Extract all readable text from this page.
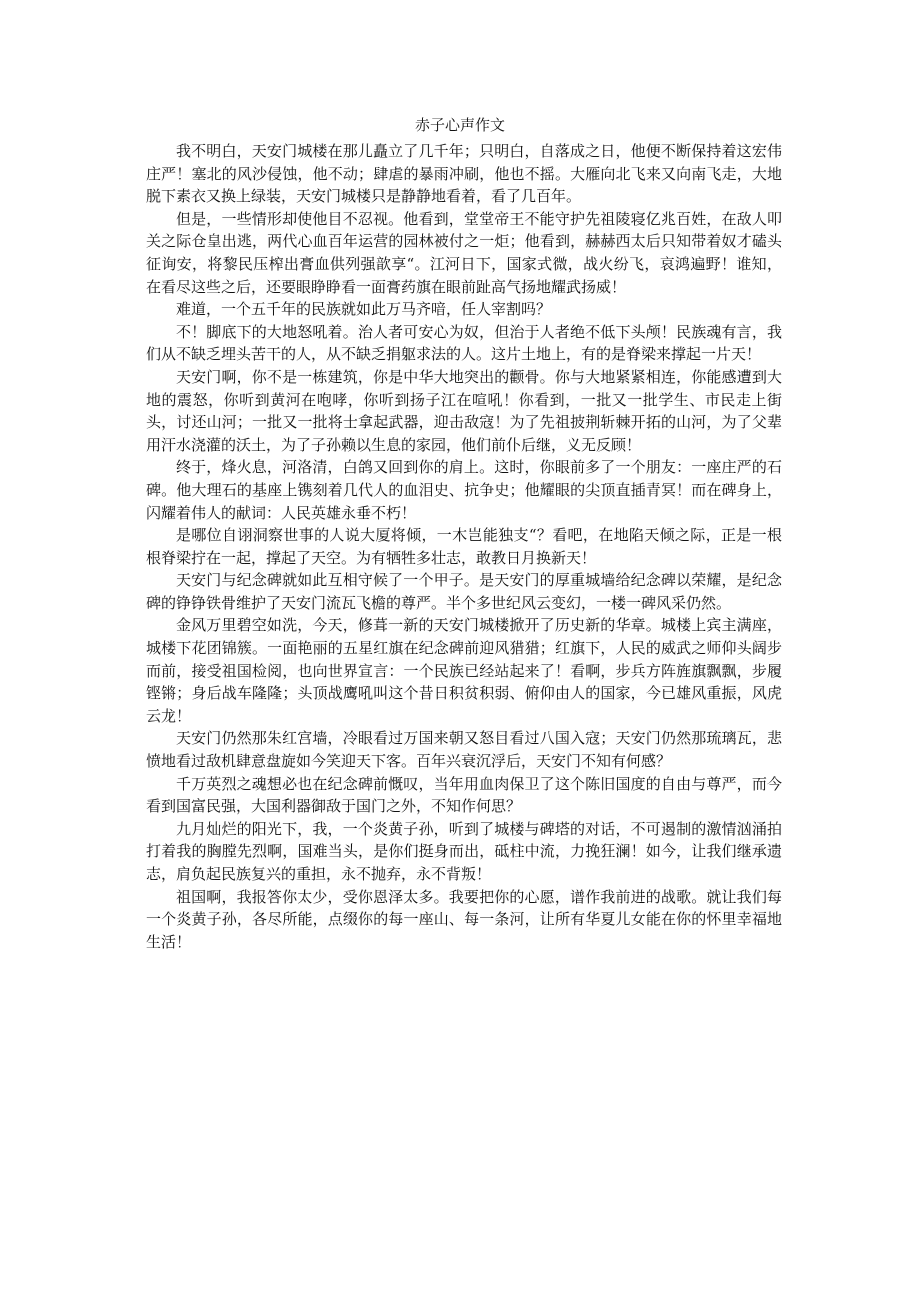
赤子心声作文

我不明白，天安门城楼在那儿矗立了几千年；只明白，自落成之日，他便不断保持着这宏伟庄严！塞北的风沙侵蚀，他不动；肆虐的暴雨冲刷，他也不摇。大雁向北飞来又向南飞走，大地脱下素衣又换上绿装，天安门城楼只是静静地看着，看了几百年。

但是，一些情形却使他目不忍视。他看到，堂堂帝王不能守护先祖陵寝亿兆百姓，在敌人叩关之际仓皇出逃，两代心血百年运营的园林被付之一炬；他看到，赫赫西太后只知带着奴才磕头征询安，将黎民压榨出膏血供列强歆享“。江河日下，国家式微，战火纷飞，哀鸿遍野！谁知，在看尽这些之后，还要眼睁睁看一面膏药旗在眼前趾高气扬地耀武扬威！

难道，一个五千年的民族就如此万马齐喑，任人宰割吗？

不！脚底下的大地怒吼着。治人者可安心为奴，但治于人者绝不低下头颅！民族魂有言，我们从不缺乏埋头苦干的人，从不缺乏捐躯求法的人。这片土地上，有的是脊梁来撑起一片天！

天安门啊，你不是一栋建筑，你是中华大地突出的颧骨。你与大地紧紧相连，你能感遭到大地的震怒，你听到黄河在咆哮，你听到扬子江在喧吼！你看到，一批又一批学生、市民走上街头，讨还山河；一批又一批将士拿起武器，迎击敌寇！为了先祖披荆斩棘开拓的山河，为了父辈用汗水浇灌的沃土，为了子孙赖以生息的家园，他们前仆后继，义无反顾！

终于，烽火息，河洛清，白鸽又回到你的肩上。这时，你眼前多了一个朋友：一座庄严的石碑。他大理石的基座上镌刻着几代人的血泪史、抗争史；他耀眼的尖顶直插青冥！而在碑身上，闪耀着伟人的献词：人民英雄永垂不朽！

是哪位自诩洞察世事的人说大厦将倾，一木岂能独支“？看吧，在地陷天倾之际，正是一根根脊梁拧在一起，撑起了天空。为有牺牲多壮志，敢教日月换新天！

天安门与纪念碑就如此互相守候了一个甲子。是天安门的厚重城墙给纪念碑以荣耀，是纪念碑的铮铮铁骨维护了天安门流瓦飞檐的尊严。半个多世纪风云变幻，一楼一碑风采仍然。

金风万里碧空如洗，今天，修葺一新的天安门城楼掀开了历史新的华章。城楼上宾主满座，城楼下花团锦簇。一面艳丽的五星红旗在纪念碑前迎风猎猎；红旗下，人民的威武之师仰头阔步而前，接受祖国检阅，也向世界宣言：一个民族已经站起来了！看啊，步兵方阵旌旗飘飘，步履铿锵；身后战车隆隆；头顶战鹰吼叫这个昔日积贫积弱、俯仰由人的国家，今已雄风重振，风虎云龙！

天安门仍然那朱红宫墙，冷眼看过万国来朝又怒目看过八国入寇；天安门仍然那琉璃瓦，悲愤地看过敌机肆意盘旋如今笑迎天下客。百年兴衰沉浮后，天安门不知有何感？

千万英烈之魂想必也在纪念碑前慨叹，当年用血肉保卫了这个陈旧国度的自由与尊严，而今看到国富民强，大国利器御敌于国门之外，不知作何思？

九月灿烂的阳光下，我，一个炎黄子孙，听到了城楼与碑塔的对话，不可遏制的激情汹涌拍打着我的胸膛先烈啊，国难当头，是你们挺身而出，砥柱中流，力挽狂澜！如今，让我们继承遗志，肩负起民族复兴的重担，永不抛弃，永不背叛！

祖国啊，我报答你太少，受你恩泽太多。我要把你的心愿，谱作我前进的战歌。就让我们每一个炎黄子孙，各尽所能，点缀你的每一座山、每一条河，让所有华夏儿女能在你的怀里幸福地生活！
